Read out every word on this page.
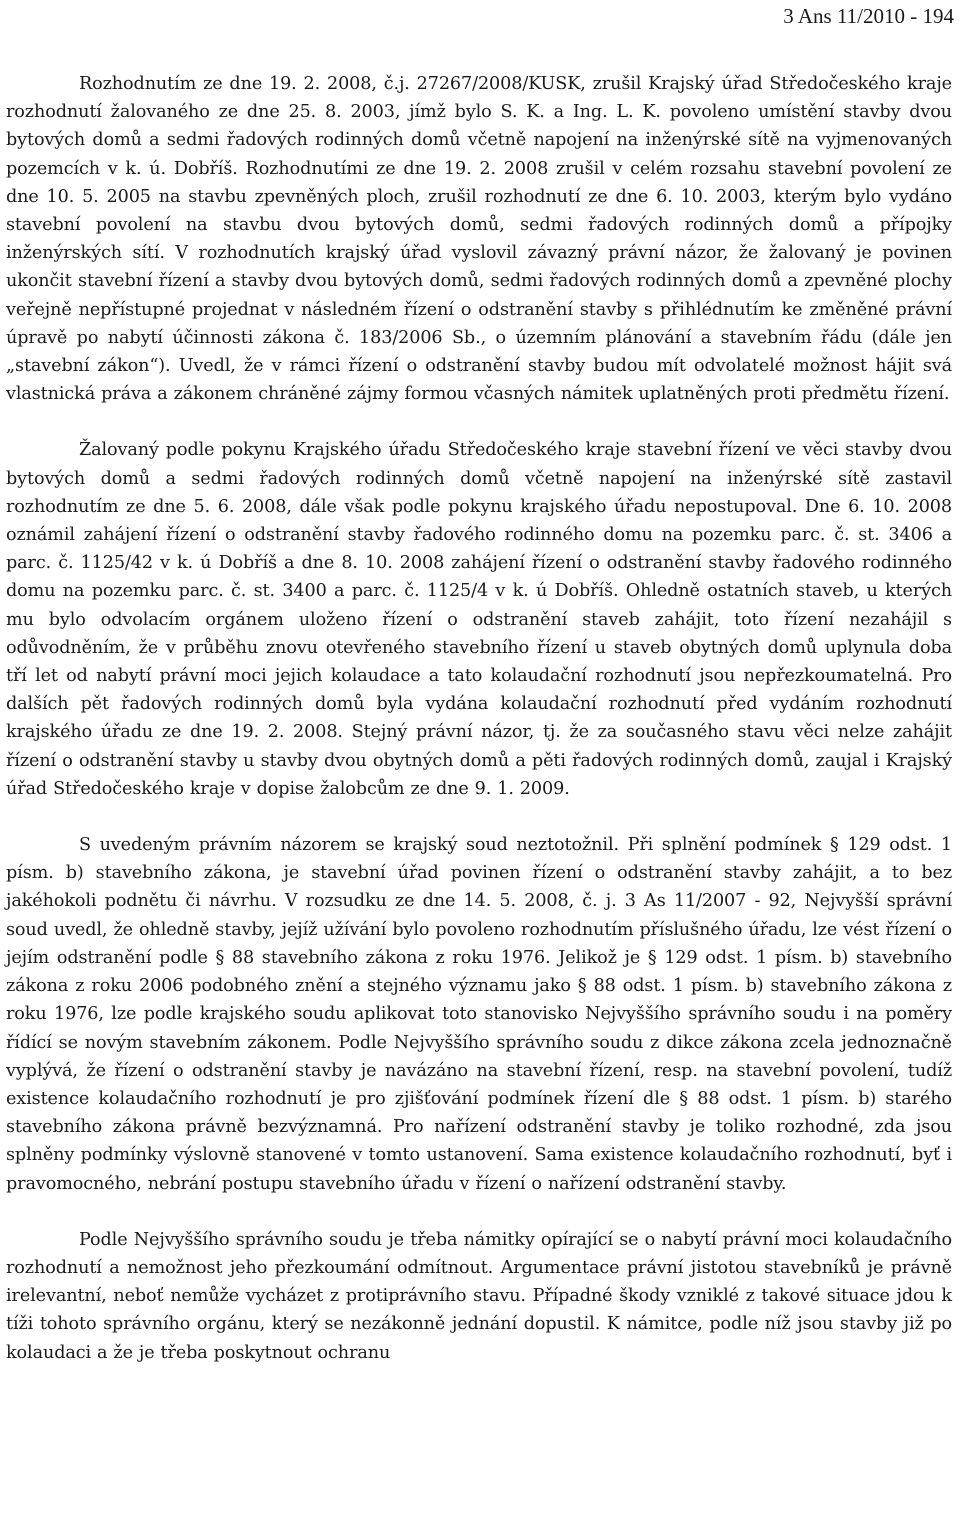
3 Ans 11/2010 - 194

Rozhodnutím ze dne 19. 2. 2008, č.j. 27267/2008/KUSK, zrušil Krajský úřad Středočeského kraje rozhodnutí žalovaného ze dne 25. 8. 2003, jímž bylo S. K. a Ing. L. K. povoleno umístění stavby dvou bytových domů a sedmi řadových rodinných domů včetně napojení na inženýrské sítě na vyjmenovaných pozemcích v k. ú. Dobříš. Rozhodnutími ze dne 19. 2. 2008 zrušil v celém rozsahu stavební povolení ze dne 10. 5. 2005 na stavbu zpevněných ploch, zrušil rozhodnutí ze dne 6. 10. 2003, kterým bylo vydáno stavební povolení na stavbu dvou bytových domů, sedmi řadových rodinných domů a přípojky inženýrských sítí. V rozhodnutích krajský úřad vyslovil závazný právní názor, že žalovaný je povinen ukončit stavební řízení a stavby dvou bytových domů, sedmi řadových rodinných domů a zpevněné plochy veřejně nepřístupné projednat v následném řízení o odstranění stavby s přihlédnutím ke změněné právní úpravě po nabytí účinnosti zákona č. 183/2006 Sb., o územním plánování a stavebním řádu (dále jen „stavební zákon“). Uvedl, že v rámci řízení o odstranění stavby budou mít odvolatelé možnost hájit svá vlastnická práva a zákonem chráněné zájmy formou včasných námitek uplatněných proti předmětu řízení.

Žalovaný podle pokynu Krajského úřadu Středočeského kraje stavební řízení ve věci stavby dvou bytových domů a sedmi řadových rodinných domů včetně napojení na inženýrské sítě zastavil rozhodnutím ze dne 5. 6. 2008, dále však podle pokynu krajského úřadu nepostupoval. Dne 6. 10. 2008 oznámil zahájení řízení o odstranění stavby řadového rodinného domu na pozemku parc. č. st. 3406 a parc. č. 1125/42 v k. ú Dobříš a dne 8. 10. 2008 zahájení řízení o odstranění stavby řadového rodinného domu na pozemku parc. č. st. 3400 a parc. č. 1125/4 v k. ú Dobříš. Ohledně ostatních staveb, u kterých mu bylo odvolacím orgánem uloženo řízení o odstranění staveb zahájit, toto řízení nezahájil s odůvodněním, že v průběhu znovu otevřeného stavebního řízení u staveb obytných domů uplynula doba tří let od nabytí právní moci jejich kolaudace a tato kolaudační rozhodnutí jsou nepřezkoumatelná. Pro dalších pět řadových rodinných domů byla vydána kolaudační rozhodnutí před vydáním rozhodnutí krajského úřadu ze dne 19. 2. 2008. Stejný právní názor, tj. že za současného stavu věci nelze zahájit řízení o odstranění stavby u stavby dvou obytných domů a pěti řadových rodinných domů, zaujal i Krajský úřad Středočeského kraje v dopise žalobcům ze dne 9. 1. 2009.

S uvedeným právním názorem se krajský soud neztotožnil. Při splnění podmínek § 129 odst. 1 písm. b) stavebního zákona, je stavební úřad povinen řízení o odstranění stavby zahájit, a to bez jakéhokoli podnětu či návrhu. V rozsudku ze dne 14. 5. 2008, č. j. 3 As 11/2007 - 92, Nejvyšší správní soud uvedl, že ohledně stavby, jejíž užívání bylo povoleno rozhodnutím příslušného úřadu, lze vést řízení o jejím odstranění podle § 88 stavebního zákona z roku 1976. Jelikož je § 129 odst. 1 písm. b) stavebního zákona z roku 2006 podobného znění a stejného významu jako § 88 odst. 1 písm. b) stavebního zákona z roku 1976, lze podle krajského soudu aplikovat toto stanovisko Nejvyššího správního soudu i na poměry řídící se novým stavebním zákonem. Podle Nejvyššího správního soudu z dikce zákona zcela jednoznačně vyplývá, že řízení o odstranění stavby je navázáno na stavební řízení, resp. na stavební povolení, tudíž existence kolaudačního rozhodnutí je pro zjišťování podmínek řízení dle § 88 odst. 1 písm. b) starého stavebního zákona právně bezvýznamná. Pro nařízení odstranění stavby je toliko rozhodné, zda jsou splněny podmínky výslovně stanovené v tomto ustanovení. Sama existence kolaudačního rozhodnutí, byť i pravomocného, nebrání postupu stavebního úřadu v řízení o nařízení odstranění stavby.

Podle Nejvyššího správního soudu je třeba námitky opírající se o nabytí právní moci kolaudačního rozhodnutí a nemožnost jeho přezkoumání odmítnout. Argumentace právní jistotou stavebníků je právně irelevantní, neboť nemůže vycházet z protiprávního stavu. Případné škody vzniklé z takové situace jdou k tíži tohoto správního orgánu, který se nezákonně jednání dopustil. K námitce, podle níž jsou stavby již po kolaudaci a že je třeba poskytnout ochranu
